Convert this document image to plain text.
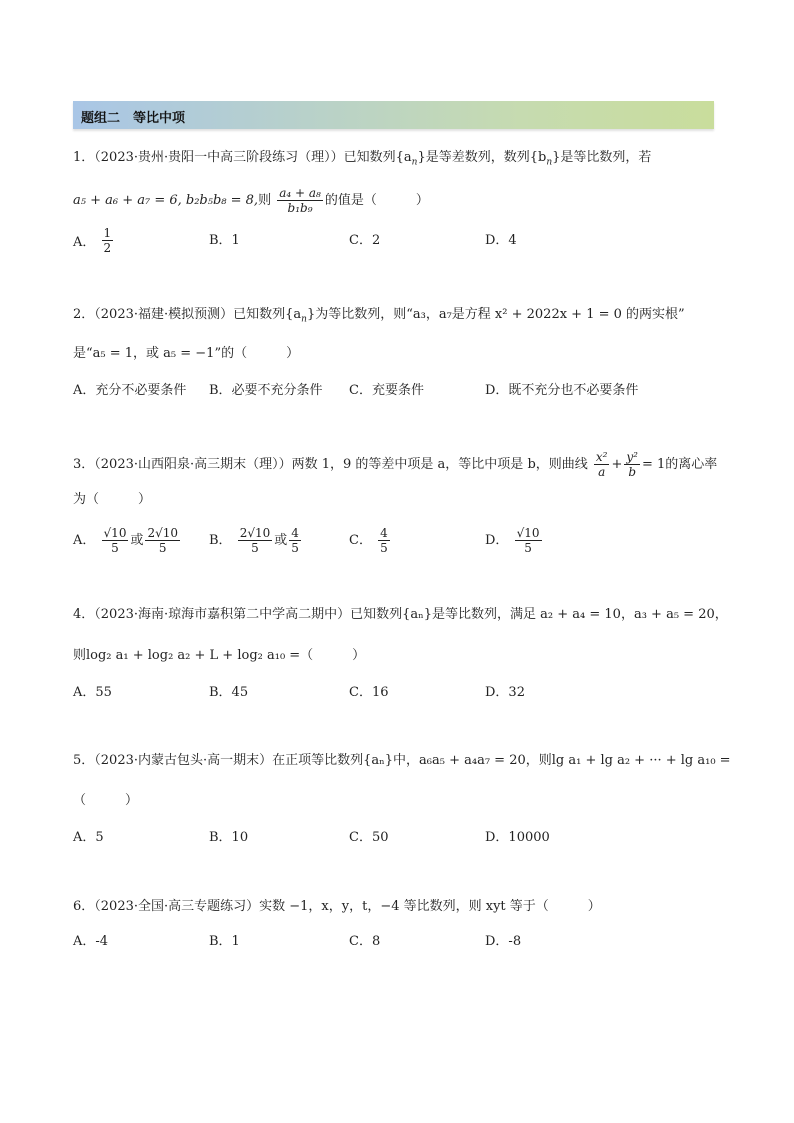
题组二　等比中项
1．（2023·贵州·贵阳一中高三阶段练习（理））已知数列$\{a_n\}$是等差数列，数列$\{b_n\}$是等比数列，若
a₅ + a₆ + a₇ = 6, b₂b₅b₈ = 8,则 $\frac{\text{a₄ + a₈}}{\text{b₁b₉}}$ 的值是（　　　）
A． $\frac{1}{2}$	B．1	C．2	D．4
2．（2023·福建·模拟预测）已知数列$\{a_n\}$为等比数列，则“a₃，a₇是方程 x² + 2022x + 1 = 0 的两实根”
是“a₅ = 1，或 a₅ = −1”的（　　　）
A．充分不必要条件 B．必要不充分条件 C．充要条件	D．既不充分也不必要条件
3．（2023·山西阳泉·高三期末（理））两数 1，9 的等差中项是 a，等比中项是 b，则曲线 $\frac{\text{x²}}{a} + \frac{\text{y²}}{b} = 1$的离心率
为（　　　）
A． $\frac{√10}{5}$ 或 $\frac{2√10}{5}$ B． $\frac{2√10}{5}$ 或 $\frac{4}{5}$	C． $\frac{4}{5}$	D． $\frac{√10}{5}$
4．（2023·海南·琼海市嘉积第二中学高二期中）已知数列{aₙ}是等比数列，满足 a₂ + a₄ = 10，a₃ + a₅ = 20，
则log₂ a₁ + log₂ a₂ + L + log₂ a₁₀ =（　　　）
A．55	B．45	C．16	D．32
5．（2023·内蒙古包头·高一期末）在正项等比数列{aₙ}中，a₆a₅ + a₄a₇ = 20，则lg a₁ + lg a₂ + ··· + lg a₁₀ =
（　　　）
A．5	B．10	C．50	D．10000
6．（2023·全国·高三专题练习）实数 −1，x，y，t，−4 等比数列，则 xyt 等于（　　　）
A．-4	B．1	C．8	D．-8
